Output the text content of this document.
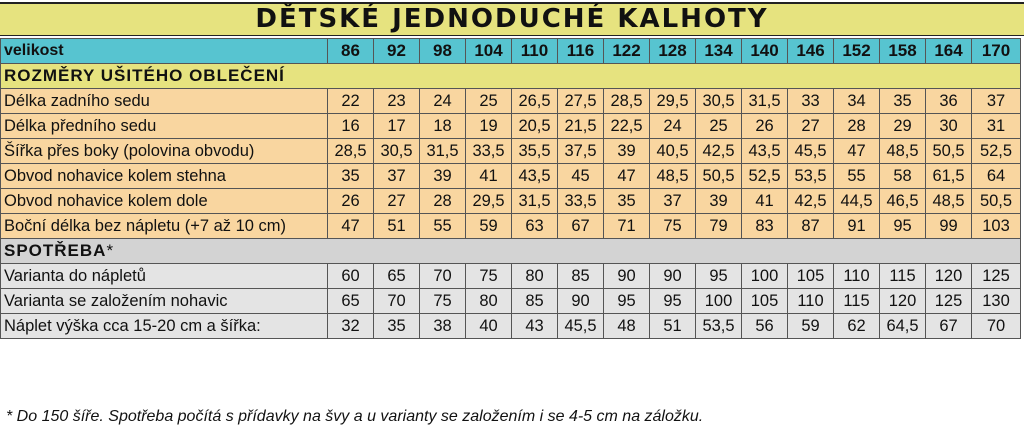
DĚTSKÉ JEDNODUCHÉ KALHOTY
velikost	86	92	98	104	110	116	122	128	134	140	146	152	158	164	170
ROZMĚRY UŠITÉHO OBLEČENÍ															
Délka zadního sedu	22	23	24	25	26,5	27,5	28,5	29,5	30,5	31,5	33	34	35	36	37
Délka předního sedu	16	17	18	19	20,5	21,5	22,5	24	25	26	27	28	29	30	31
Šířka přes boky (polovina obvodu)	28,5	30,5	31,5	33,5	35,5	37,5	39	40,5	42,5	43,5	45,5	47	48,5	50,5	52,5
Obvod nohavice kolem stehna	35	37	39	41	43,5	45	47	48,5	50,5	52,5	53,5	55	58	61,5	64
Obvod nohavice kolem dole	26	27	28	29,5	31,5	33,5	35	37	39	41	42,5	44,5	46,5	48,5	50,5
Boční délka bez nápletu (+7 až 10 cm)	47	51	55	59	63	67	71	75	79	83	87	91	95	99	103
SPOTŘEBA*															
Varianta do nápletů	60	65	70	75	80	85	90	90	95	100	105	110	115	120	125
Varianta se založením nohavic	65	70	75	80	85	90	95	95	100	105	110	115	120	125	130
Náplet výška cca 15-20 cm a šířka:	32	35	38	40	43	45,5	48	51	53,5	56	59	62	64,5	67	70
* Do 150 šíře. Spotřeba počítá s přídavky na švy a u varianty se založením i se 4-5 cm na záložku.
